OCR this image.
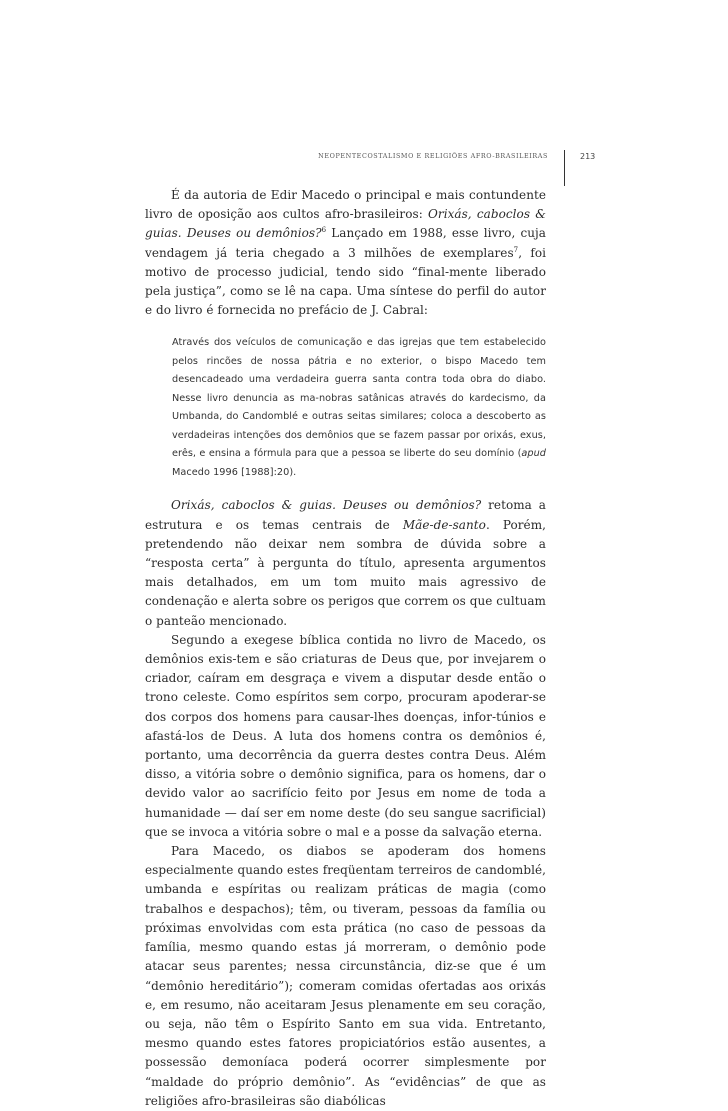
NEOPENTECOSTALISMO E RELIGIÕES AFRO-BRASILEIRAS	213

É da autoria de Edir Macedo o principal e mais contundente livro de oposição aos cultos afro-brasileiros: Orixás, caboclos & guias. Deuses ou demônios?$^6$ Lançado em 1988, esse livro, cuja vendagem já teria chegado a 3 milhões de exemplares$^7$, foi motivo de processo judicial, tendo sido “final-mente liberado pela justiça”, como se lê na capa. Uma síntese do perfil do autor e do livro é fornecida no prefácio de J. Cabral:

Através dos veículos de comunicação e das igrejas que tem estabelecido pelos rincões de nossa pátria e no exterior, o bispo Macedo tem desencadeado uma verdadeira guerra santa contra toda obra do diabo. Nesse livro denuncia as ma-nobras satânicas através do kardecismo, da Umbanda, do Candomblé e outras seitas similares; coloca a descoberto as verdadeiras intenções dos demônios que se fazem passar por orixás, exus, erês, e ensina a fórmula para que a pessoa se liberte do seu domínio (apud Macedo 1996 [1988]:20).

Orixás, caboclos & guias. Deuses ou demônios? retoma a estrutura e os temas centrais de Mãe-de-santo. Porém, pretendendo não deixar nem sombra de dúvida sobre a “resposta certa” à pergunta do título, apresenta argumentos mais detalhados, em um tom muito mais agressivo de condenação e alerta sobre os perigos que correm os que cultuam o panteão mencionado.

Segundo a exegese bíblica contida no livro de Macedo, os demônios exis-tem e são criaturas de Deus que, por invejarem o criador, caíram em desgraça e vivem a disputar desde então o trono celeste. Como espíritos sem corpo, procuram apoderar-se dos corpos dos homens para causar-lhes doenças, infor-túnios e afastá-los de Deus. A luta dos homens contra os demônios é, portanto, uma decorrência da guerra destes contra Deus. Além disso, a vitória sobre o demônio significa, para os homens, dar o devido valor ao sacrifício feito por Jesus em nome de toda a humanidade — daí ser em nome deste (do seu sangue sacrificial) que se invoca a vitória sobre o mal e a posse da salvação eterna.

Para Macedo, os diabos se apoderam dos homens especialmente quando estes freqüentam terreiros de candomblé, umbanda e espíritas ou realizam práticas de magia (como trabalhos e despachos); têm, ou tiveram, pessoas da família ou próximas envolvidas com esta prática (no caso de pessoas da família, mesmo quando estas já morreram, o demônio pode atacar seus parentes; nessa circunstância, diz-se que é um “demônio hereditário”); comeram comidas ofertadas aos orixás e, em resumo, não aceitaram Jesus plenamente em seu coração, ou seja, não têm o Espírito Santo em sua vida. Entretanto, mesmo quando estes fatores propiciatórios estão ausentes, a possessão demoníaca poderá ocorrer simplesmente por “maldade do próprio demônio”. As “evidências” de que as religiões afro-brasileiras são diabólicas
